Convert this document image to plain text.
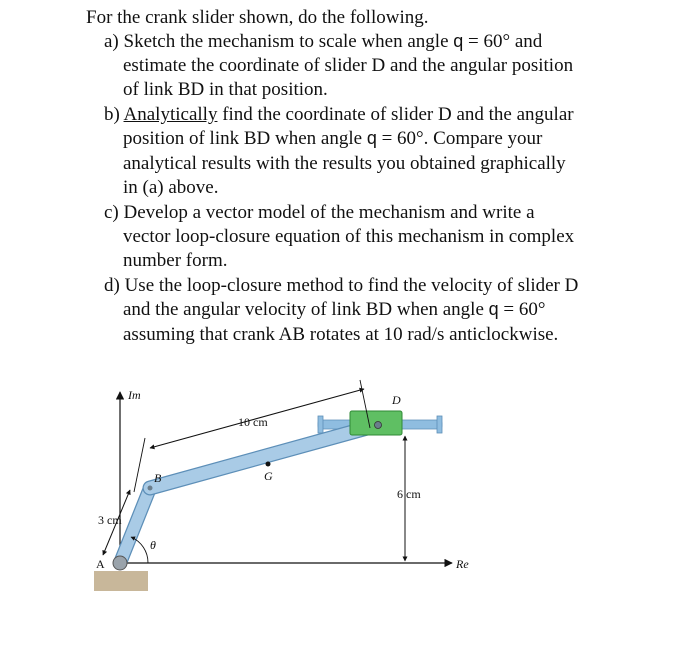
For the crank slider shown, do the following.
a) Sketch the mechanism to scale when angle q = 60° and
estimate the coordinate of slider D and the angular position
of link BD in that position.
b) Analytically find the coordinate of slider D and the angular
position of link BD when angle q = 60°. Compare your
analytical results with the results you obtained graphically
in (a) above.
c) Develop a vector model of the mechanism and write a
vector loop-closure equation of this mechanism in complex
number form.
d) Use the loop-closure method to find the velocity of slider D
and the angular velocity of link BD when angle q = 60°
assuming that crank AB rotates at 10 rad/s anticlockwise.
Im
Re
10 cm
3 cm
6 cm
A
B
D
G
θ
